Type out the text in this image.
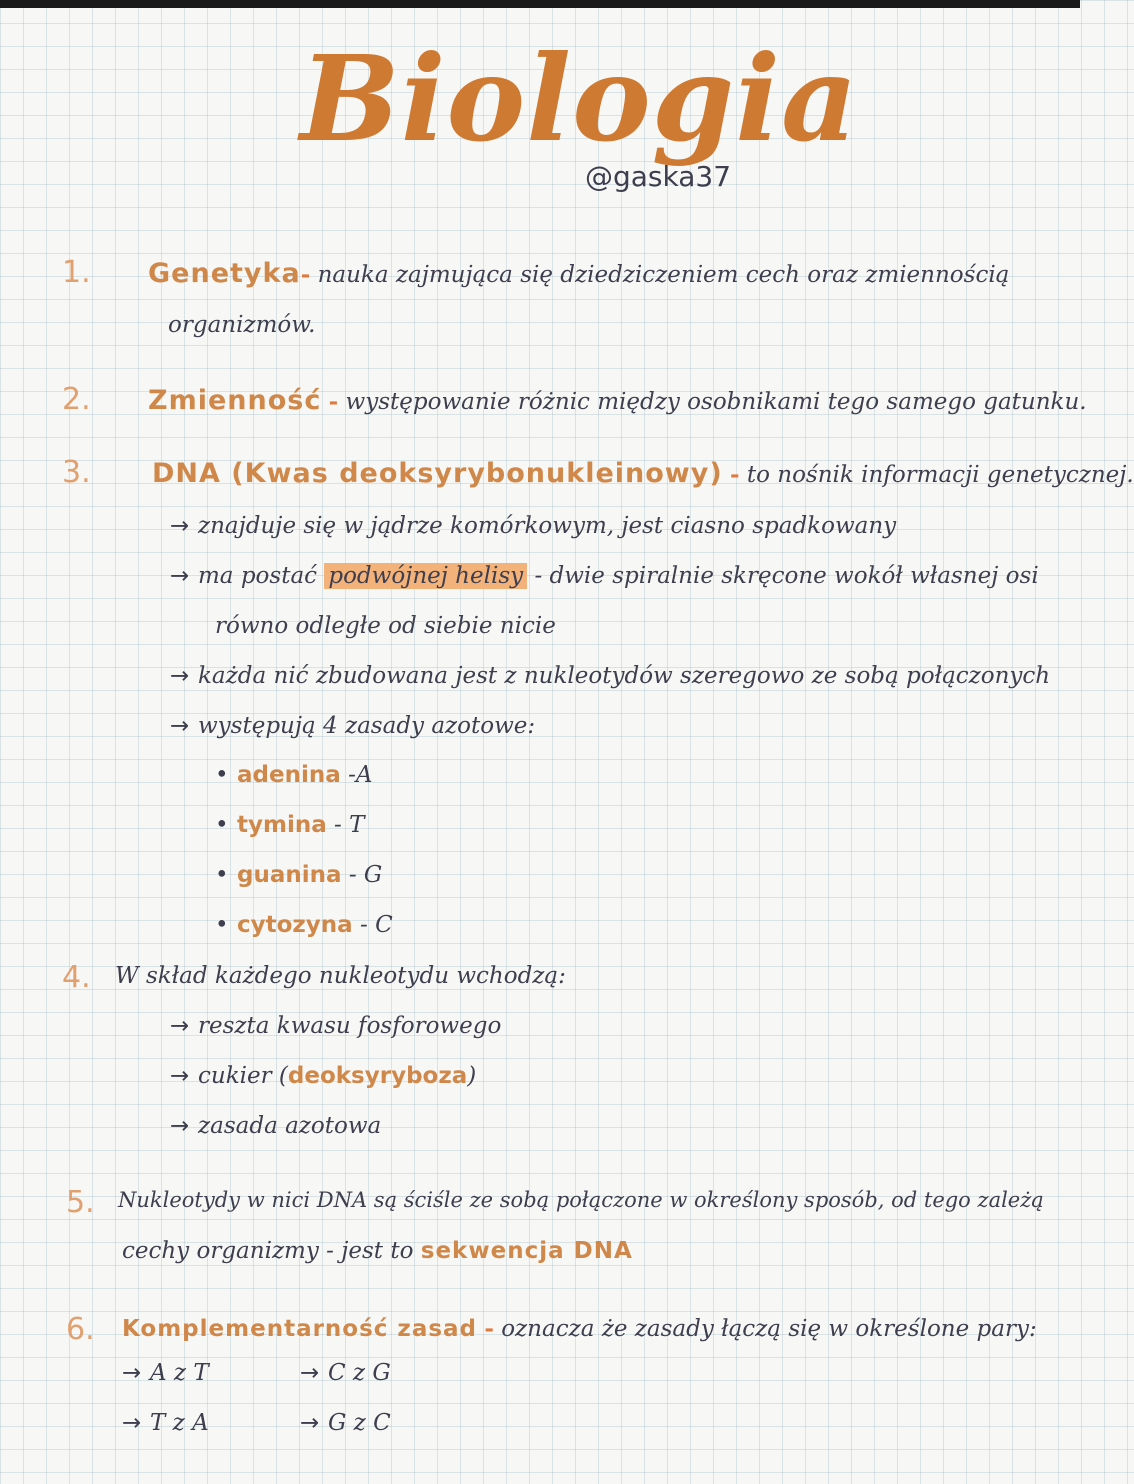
Biologia
@gaska37
1. Genetyka- nauka zajmująca się dziedziczeniem cech oraz zmiennością
organizmów.
2. Zmienność - występowanie różnic między osobnikami tego samego gatunku.
3. DNA (Kwas deoksyrybonukleinowy) - to nośnik informacji genetycznej.
→ znajduje się w jądrze komórkowym, jest ciasno spadkowany
→ ma postać podwójnej helisy - dwie spiralnie skręcone wokół własnej osi
równo odległe od siebie nicie
→ każda nić zbudowana jest z nukleotydów szeregowo ze sobą połączonych
→ występują 4 zasady azotowe:
• adenina -A
• tymina - T
• guanina - G
• cytozyna - C
4. W skład każdego nukleotydu wchodzą:
→ reszta kwasu fosforowego
→ cukier (deoksyryboza)
→ zasada azotowa
5. Nukleotydy w nici DNA są ściśle ze sobą połączone w określony sposób, od tego zależą
cechy organizmy - jest to sekwencja DNA
6. Komplementarność zasad - oznacza że zasady łączą się w określone pary:
→ A z T	→ C z G
→ T z A	→ G z C
